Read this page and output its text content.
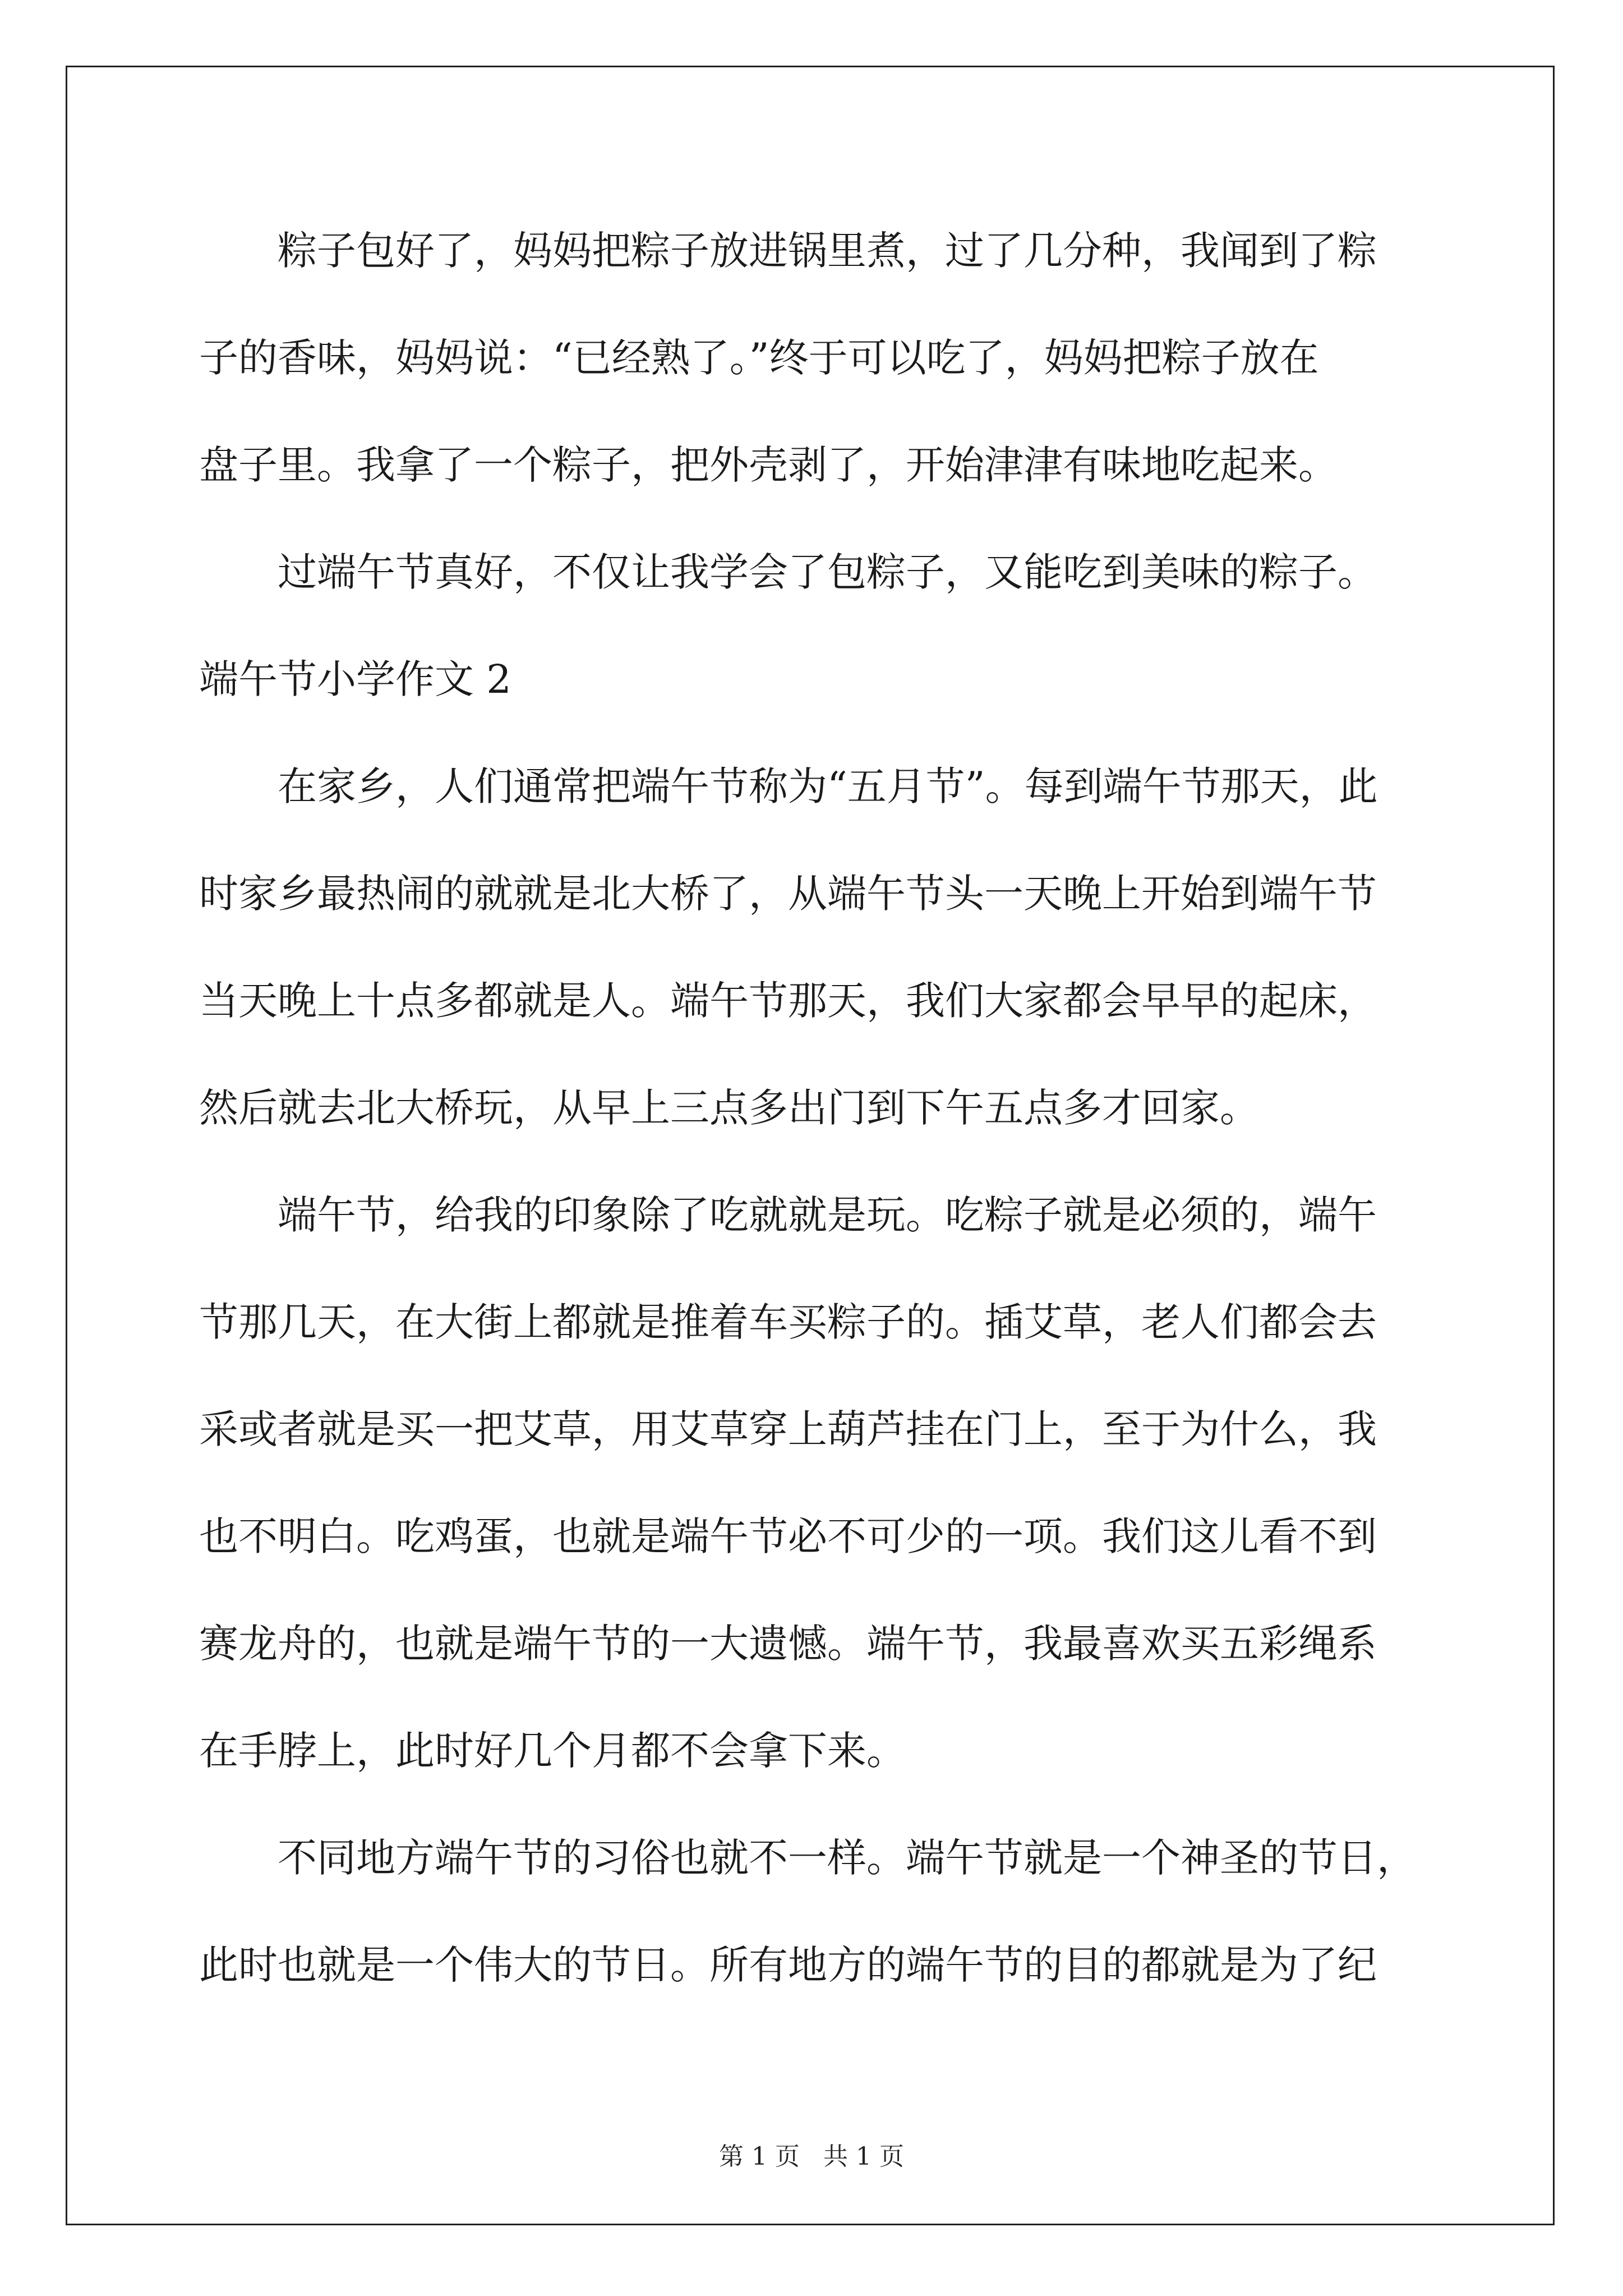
　　粽子包好了，妈妈把粽子放进锅里煮，过了几分种，我闻到了粽
子的香味，妈妈说：“已经熟了。”终于可以吃了，妈妈把粽子放在
盘子里。我拿了一个粽子，把外壳剥了，开始津津有味地吃起来。
　　过端午节真好，不仅让我学会了包粽子，又能吃到美味的粽子。
端午节小学作文 2
　　在家乡，人们通常把端午节称为“五月节”。每到端午节那天，此
时家乡最热闹的就就是北大桥了，从端午节头一天晚上开始到端午节
当天晚上十点多都就是人。端午节那天，我们大家都会早早的起床，
然后就去北大桥玩，从早上三点多出门到下午五点多才回家。
　　端午节，给我的印象除了吃就就是玩。吃粽子就是必须的，端午
节那几天，在大街上都就是推着车买粽子的。插艾草，老人们都会去
采或者就是买一把艾草，用艾草穿上葫芦挂在门上，至于为什么，我
也不明白。吃鸡蛋，也就是端午节必不可少的一项。我们这儿看不到
赛龙舟的，也就是端午节的一大遗憾。端午节，我最喜欢买五彩绳系
在手脖上，此时好几个月都不会拿下来。
　　不同地方端午节的习俗也就不一样。端午节就是一个神圣的节日，
此时也就是一个伟大的节日。所有地方的端午节的目的都就是为了纪
第 1 页 共 1 页
